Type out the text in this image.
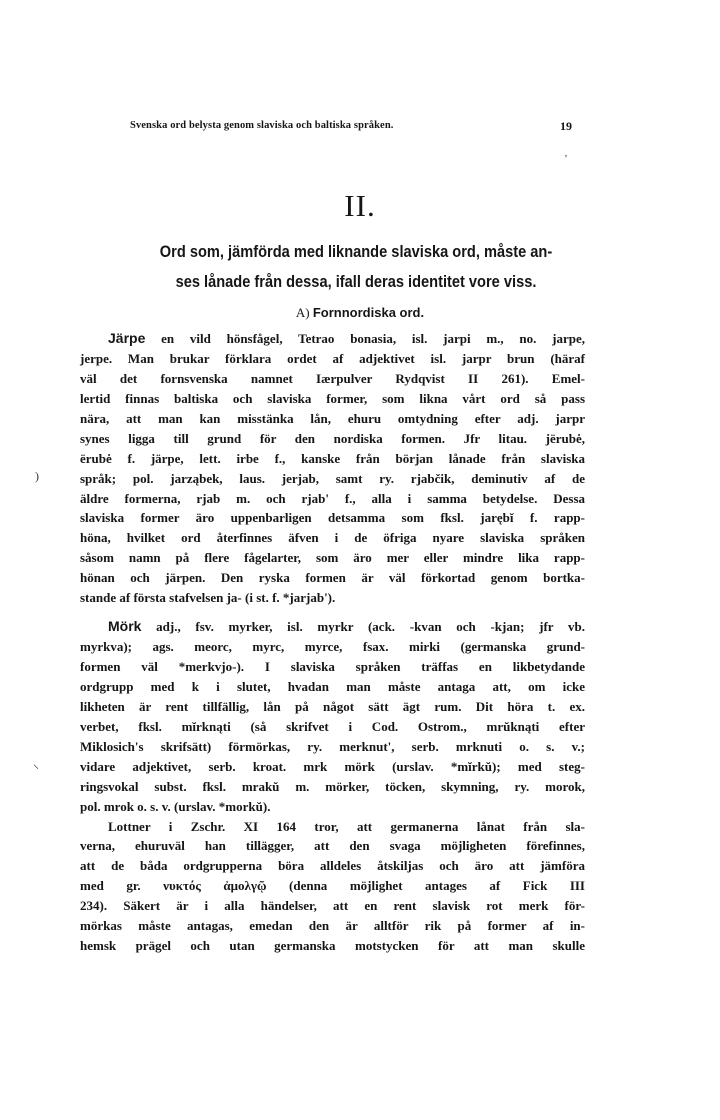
Svenska ord belysta genom slaviska och baltiska språken.	19
'
II.
Ord som, jämförda med liknande slaviska ord, måste an-
ses lånade från dessa, ifall deras identitet vore viss.
A) Fornnordiska ord.
)
⸜
Järpe en vild hönsfågel, Tetrao bonasia, isl. jarpi m., no. jarpe,
jerpe. Man brukar förklara ordet af adjektivet isl. jarpr brun (häraf
väl det fornsvenska namnet Iærpulver Rydqvist II 261). Emel-
lertid finnas baltiska och slaviska former, som likna vårt ord så pass
nära, att man kan misstänka lån, ehuru omtydning efter adj. jarpr
synes ligga till grund för den nordiska formen. Jfr litau. jërubė,
ërubė f. järpe, lett. irbe f., kanske från början lånade från slaviska
språk; pol. jarząbek, laus. jerjab, samt ry. rjabčik, deminutiv af de
äldre formerna, rjab m. och rjab' f., alla i samma betydelse. Dessa
slaviska former äro uppenbarligen detsamma som fksl. jarębĭ f. rapp-
höna, hvilket ord återfinnes äfven i de öfriga nyare slaviska språken
såsom namn på flere fågelarter, som äro mer eller mindre lika rapp-
hönan och järpen. Den ryska formen är väl förkortad genom bortka-
stande af första stafvelsen ja- (i st. f. *jarjab').
Mörk adj., fsv. myrker, isl. myrkr (ack. -kvan och -kjan; jfr vb.
myrkva); ags. meorc, myrc, myrce, fsax. mirki (germanska grund-
formen väl *merkvjo-). I slaviska språken träffas en likbetydande
ordgrupp med k i slutet, hvadan man måste antaga att, om icke
likheten är rent tillfällig, lån på något sätt ägt rum. Dit höra t. ex.
verbet, fksl. mĭrknąti (så skrifvet i Cod. Ostrom., mrŭknąti efter
Miklosich's skrifsätt) förmörkas, ry. merknut', serb. mrknuti o. s. v.;
vidare adjektivet, serb. kroat. mrk mörk (urslav. *mĭrkŭ); med steg-
ringsvokal subst. fksl. mrakŭ m. mörker, töcken, skymning, ry. morok,
pol. mrok o. s. v. (urslav. *morkŭ).
Lottner i Zschr. XI 164 tror, att germanerna lånat från sla-
verna, ehuruväl han tillägger, att den svaga möjligheten förefinnes,
att de båda ordgrupperna böra alldeles åtskiljas och äro att jämföra
med gr. νυκτός ἀμολγῷ (denna möjlighet antages af Fick III
234). Säkert är i alla händelser, att en rent slavisk rot merk för-
mörkas måste antagas, emedan den är alltför rik på former af in-
hemsk prägel och utan germanska motstycken för att man skulle
